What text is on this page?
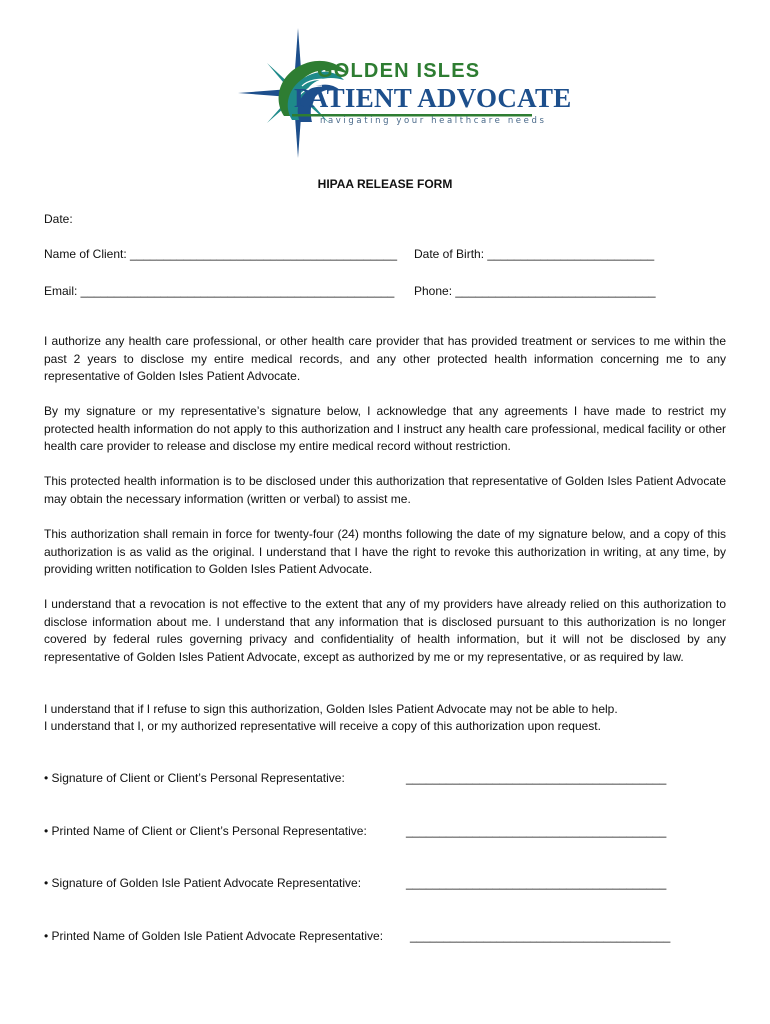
GOLDEN ISLES
PATIENT ADVOCATE
navigating your healthcare needs
HIPAA RELEASE FORM
Date:
Name of Client: ________________________________________ Date of Birth: _________________________
Email: _______________________________________________ Phone: ______________________________

I authorize any health care professional, or other health care provider that has provided treatment or services to me within the past 2 years to disclose my entire medical records, and any other protected health information concerning me to any representative of Golden Isles Patient Advocate.

By my signature or my representative’s signature below, I acknowledge that any agreements I have made to restrict my protected health information do not apply to this authorization and I instruct any health care professional, medical facility or other health care provider to release and disclose my entire medical record without restriction.

This protected health information is to be disclosed under this authorization that representative of Golden Isles Patient Advocate may obtain the necessary information (written or verbal) to assist me.

This authorization shall remain in force for twenty-four (24) months following the date of my signature below, and a copy of this authorization is as valid as the original. I understand that I have the right to revoke this authorization in writing, at any time, by providing written notification to Golden Isles Patient Advocate.

I understand that a revocation is not effective to the extent that any of my providers have already relied on this authorization to disclose information about me. I understand that any information that is disclosed pursuant to this authorization is no longer covered by federal rules governing privacy and confidentiality of health information, but it will not be disclosed by any representative of Golden Isles Patient Advocate, except as authorized by me or my representative, or as required by law.

I understand that if I refuse to sign this authorization, Golden Isles Patient Advocate may not be able to help.

I understand that I, or my authorized representative will receive a copy of this authorization upon request.

• Signature of Client or Client’s Personal Representative:	_______________________________________
• Printed Name of Client or Client’s Personal Representative:	_______________________________________
• Signature of Golden Isle Patient Advocate Representative:	_______________________________________
• Printed Name of Golden Isle Patient Advocate Representative: _______________________________________
